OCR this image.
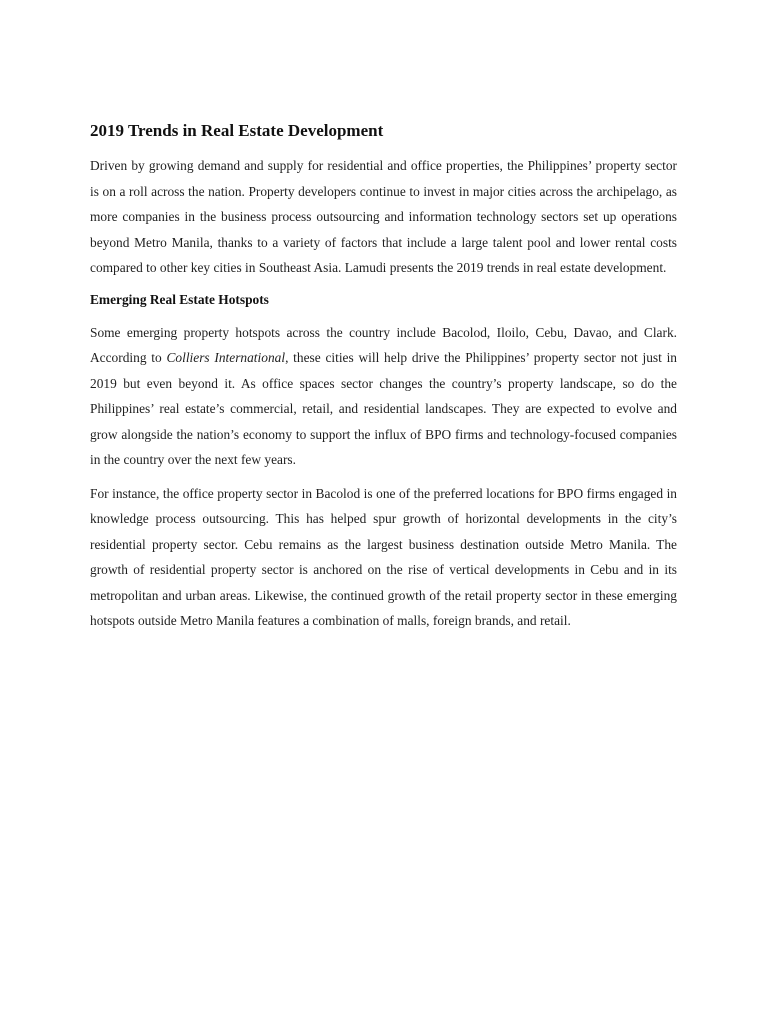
2019 Trends in Real Estate Development

Driven by growing demand and supply for residential and office properties, the Philippines’ property sector is on a roll across the nation. Property developers continue to invest in major cities across the archipelago, as more companies in the business process outsourcing and information technology sectors set up operations beyond Metro Manila, thanks to a variety of factors that include a large talent pool and lower rental costs compared to other key cities in Southeast Asia. Lamudi presents the 2019 trends in real estate development.

Emerging Real Estate Hotspots

Some emerging property hotspots across the country include Bacolod, Iloilo, Cebu, Davao, and Clark. According to Colliers International, these cities will help drive the Philippines’ property sector not just in 2019 but even beyond it. As office spaces sector changes the country’s property landscape, so do the Philippines’ real estate’s commercial, retail, and residential landscapes. They are expected to evolve and grow alongside the nation’s economy to support the influx of BPO firms and technology-focused companies in the country over the next few years.

For instance, the office property sector in Bacolod is one of the preferred locations for BPO firms engaged in knowledge process outsourcing. This has helped spur growth of horizontal developments in the city’s residential property sector. Cebu remains as the largest business destination outside Metro Manila. The growth of residential property sector is anchored on the rise of vertical developments in Cebu and in its metropolitan and urban areas. Likewise, the continued growth of the retail property sector in these emerging hotspots outside Metro Manila features a combination of malls, foreign brands, and retail.
